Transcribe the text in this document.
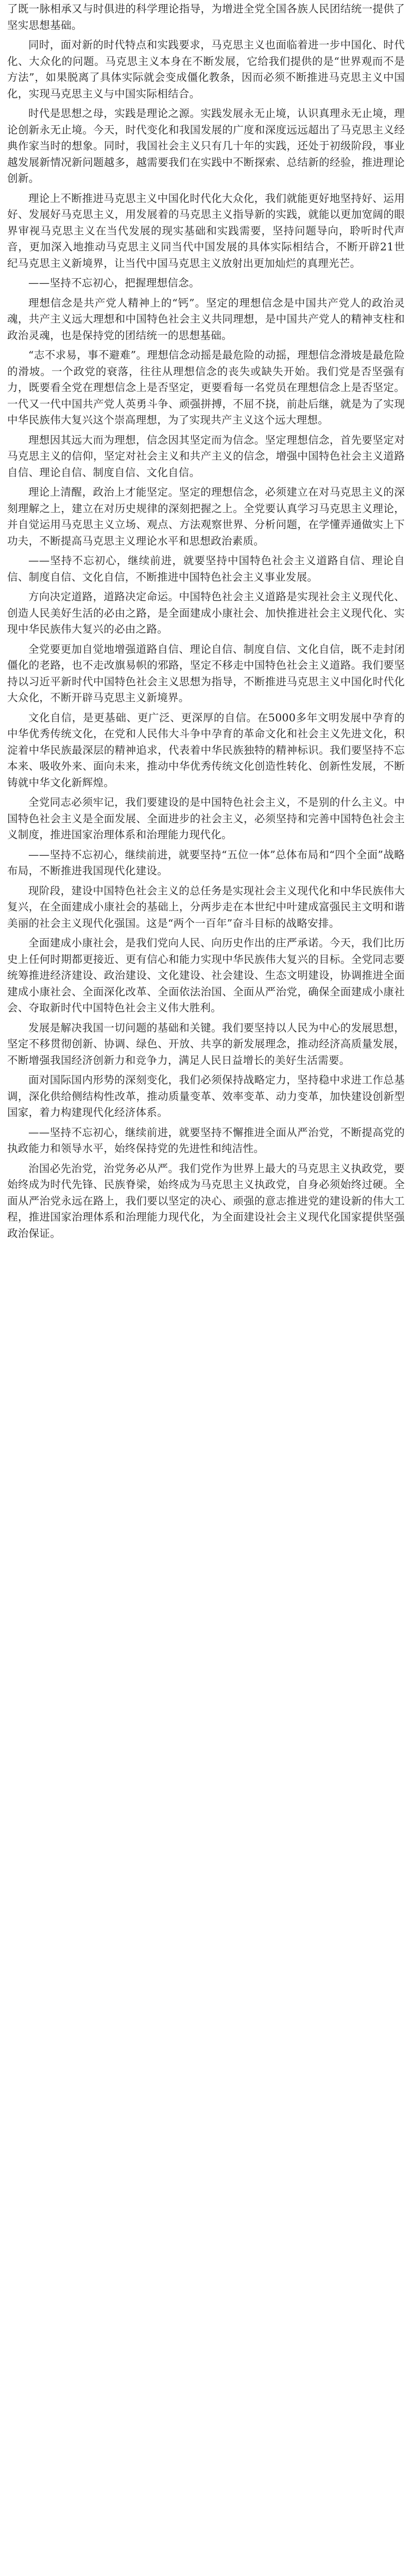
了既一脉相承又与时俱进的科学理论指导，为增进全党全国各族人民团结统一提供了坚实思想基础。

同时，面对新的时代特点和实践要求，马克思主义也面临着进一步中国化、时代化、大众化的问题。马克思主义本身在不断发展，它给我们提供的是“世界观而不是方法”，如果脱离了具体实际就会变成僵化教条，因而必须不断推进马克思主义中国化，实现马克思主义与中国实际相结合。

时代是思想之母，实践是理论之源。实践发展永无止境，认识真理永无止境，理论创新永无止境。今天，时代变化和我国发展的广度和深度远远超出了马克思主义经典作家当时的想象。同时，我国社会主义只有几十年的实践，还处于初级阶段，事业越发展新情况新问题越多，越需要我们在实践中不断探索、总结新的经验，推进理论创新。

理论上不断推进马克思主义中国化时代化大众化，我们就能更好地坚持好、运用好、发展好马克思主义，用发展着的马克思主义指导新的实践，就能以更加宽阔的眼界审视马克思主义在当代发展的现实基础和实践需要，坚持问题导向，聆听时代声音，更加深入地推动马克思主义同当代中国发展的具体实际相结合，不断开辟21世纪马克思主义新境界，让当代中国马克思主义放射出更加灿烂的真理光芒。

——坚持不忘初心，把握理想信念。

理想信念是共产党人精神上的“钙”。坚定的理想信念是中国共产党人的政治灵魂，共产主义远大理想和中国特色社会主义共同理想，是中国共产党人的精神支柱和政治灵魂，也是保持党的团结统一的思想基础。

“志不求易，事不避难”。理想信念动摇是最危险的动摇，理想信念滑坡是最危险的滑坡。一个政党的衰落，往往从理想信念的丧失或缺失开始。我们党是否坚强有力，既要看全党在理想信念上是否坚定，更要看每一名党员在理想信念上是否坚定。一代又一代中国共产党人英勇斗争、顽强拼搏，不屈不挠，前赴后继，就是为了实现中华民族伟大复兴这个崇高理想，为了实现共产主义这个远大理想。

理想因其远大而为理想，信念因其坚定而为信念。坚定理想信念，首先要坚定对马克思主义的信仰，坚定对社会主义和共产主义的信念，增强中国特色社会主义道路自信、理论自信、制度自信、文化自信。

理论上清醒，政治上才能坚定。坚定的理想信念，必须建立在对马克思主义的深刻理解之上，建立在对历史规律的深刻把握之上。全党要认真学习马克思主义理论，并自觉运用马克思主义立场、观点、方法观察世界、分析问题，在学懂弄通做实上下功夫，不断提高马克思主义理论水平和思想政治素质。

——坚持不忘初心，继续前进，就要坚持中国特色社会主义道路自信、理论自信、制度自信、文化自信，不断推进中国特色社会主义事业发展。

方向决定道路，道路决定命运。中国特色社会主义道路是实现社会主义现代化、创造人民美好生活的必由之路，是全面建成小康社会、加快推进社会主义现代化、实现中华民族伟大复兴的必由之路。

全党要更加自觉地增强道路自信、理论自信、制度自信、文化自信，既不走封闭僵化的老路，也不走改旗易帜的邪路，坚定不移走中国特色社会主义道路。我们要坚持以习近平新时代中国特色社会主义思想为指导，不断推进马克思主义中国化时代化大众化，不断开辟马克思主义新境界。

文化自信，是更基础、更广泛、更深厚的自信。在5000多年文明发展中孕育的中华优秀传统文化，在党和人民伟大斗争中孕育的革命文化和社会主义先进文化，积淀着中华民族最深层的精神追求，代表着中华民族独特的精神标识。我们要坚持不忘本来、吸收外来、面向未来，推动中华优秀传统文化创造性转化、创新性发展，不断铸就中华文化新辉煌。

全党同志必须牢记，我们要建设的是中国特色社会主义，不是别的什么主义。中国特色社会主义是全面发展、全面进步的社会主义，必须坚持和完善中国特色社会主义制度，推进国家治理体系和治理能力现代化。

——坚持不忘初心，继续前进，就要坚持“五位一体”总体布局和“四个全面”战略布局，不断推进我国现代化建设。

现阶段，建设中国特色社会主义的总任务是实现社会主义现代化和中华民族伟大复兴，在全面建成小康社会的基础上，分两步走在本世纪中叶建成富强民主文明和谐美丽的社会主义现代化强国。这是“两个一百年”奋斗目标的战略安排。

全面建成小康社会，是我们党向人民、向历史作出的庄严承诺。今天，我们比历史上任何时期都更接近、更有信心和能力实现中华民族伟大复兴的目标。全党同志要统筹推进经济建设、政治建设、文化建设、社会建设、生态文明建设，协调推进全面建成小康社会、全面深化改革、全面依法治国、全面从严治党，确保全面建成小康社会、夺取新时代中国特色社会主义伟大胜利。

发展是解决我国一切问题的基础和关键。我们要坚持以人民为中心的发展思想，坚定不移贯彻创新、协调、绿色、开放、共享的新发展理念，推动经济高质量发展，不断增强我国经济创新力和竞争力，满足人民日益增长的美好生活需要。

面对国际国内形势的深刻变化，我们必须保持战略定力，坚持稳中求进工作总基调，深化供给侧结构性改革，推动质量变革、效率变革、动力变革，加快建设创新型国家，着力构建现代化经济体系。

——坚持不忘初心，继续前进，就要坚持不懈推进全面从严治党，不断提高党的执政能力和领导水平，始终保持党的先进性和纯洁性。

治国必先治党，治党务必从严。我们党作为世界上最大的马克思主义执政党，要始终成为时代先锋、民族脊梁，始终成为马克思主义执政党，自身必须始终过硬。全面从严治党永远在路上，我们要以坚定的决心、顽强的意志推进党的建设新的伟大工程，推进国家治理体系和治理能力现代化，为全面建设社会主义现代化国家提供坚强政治保证。
